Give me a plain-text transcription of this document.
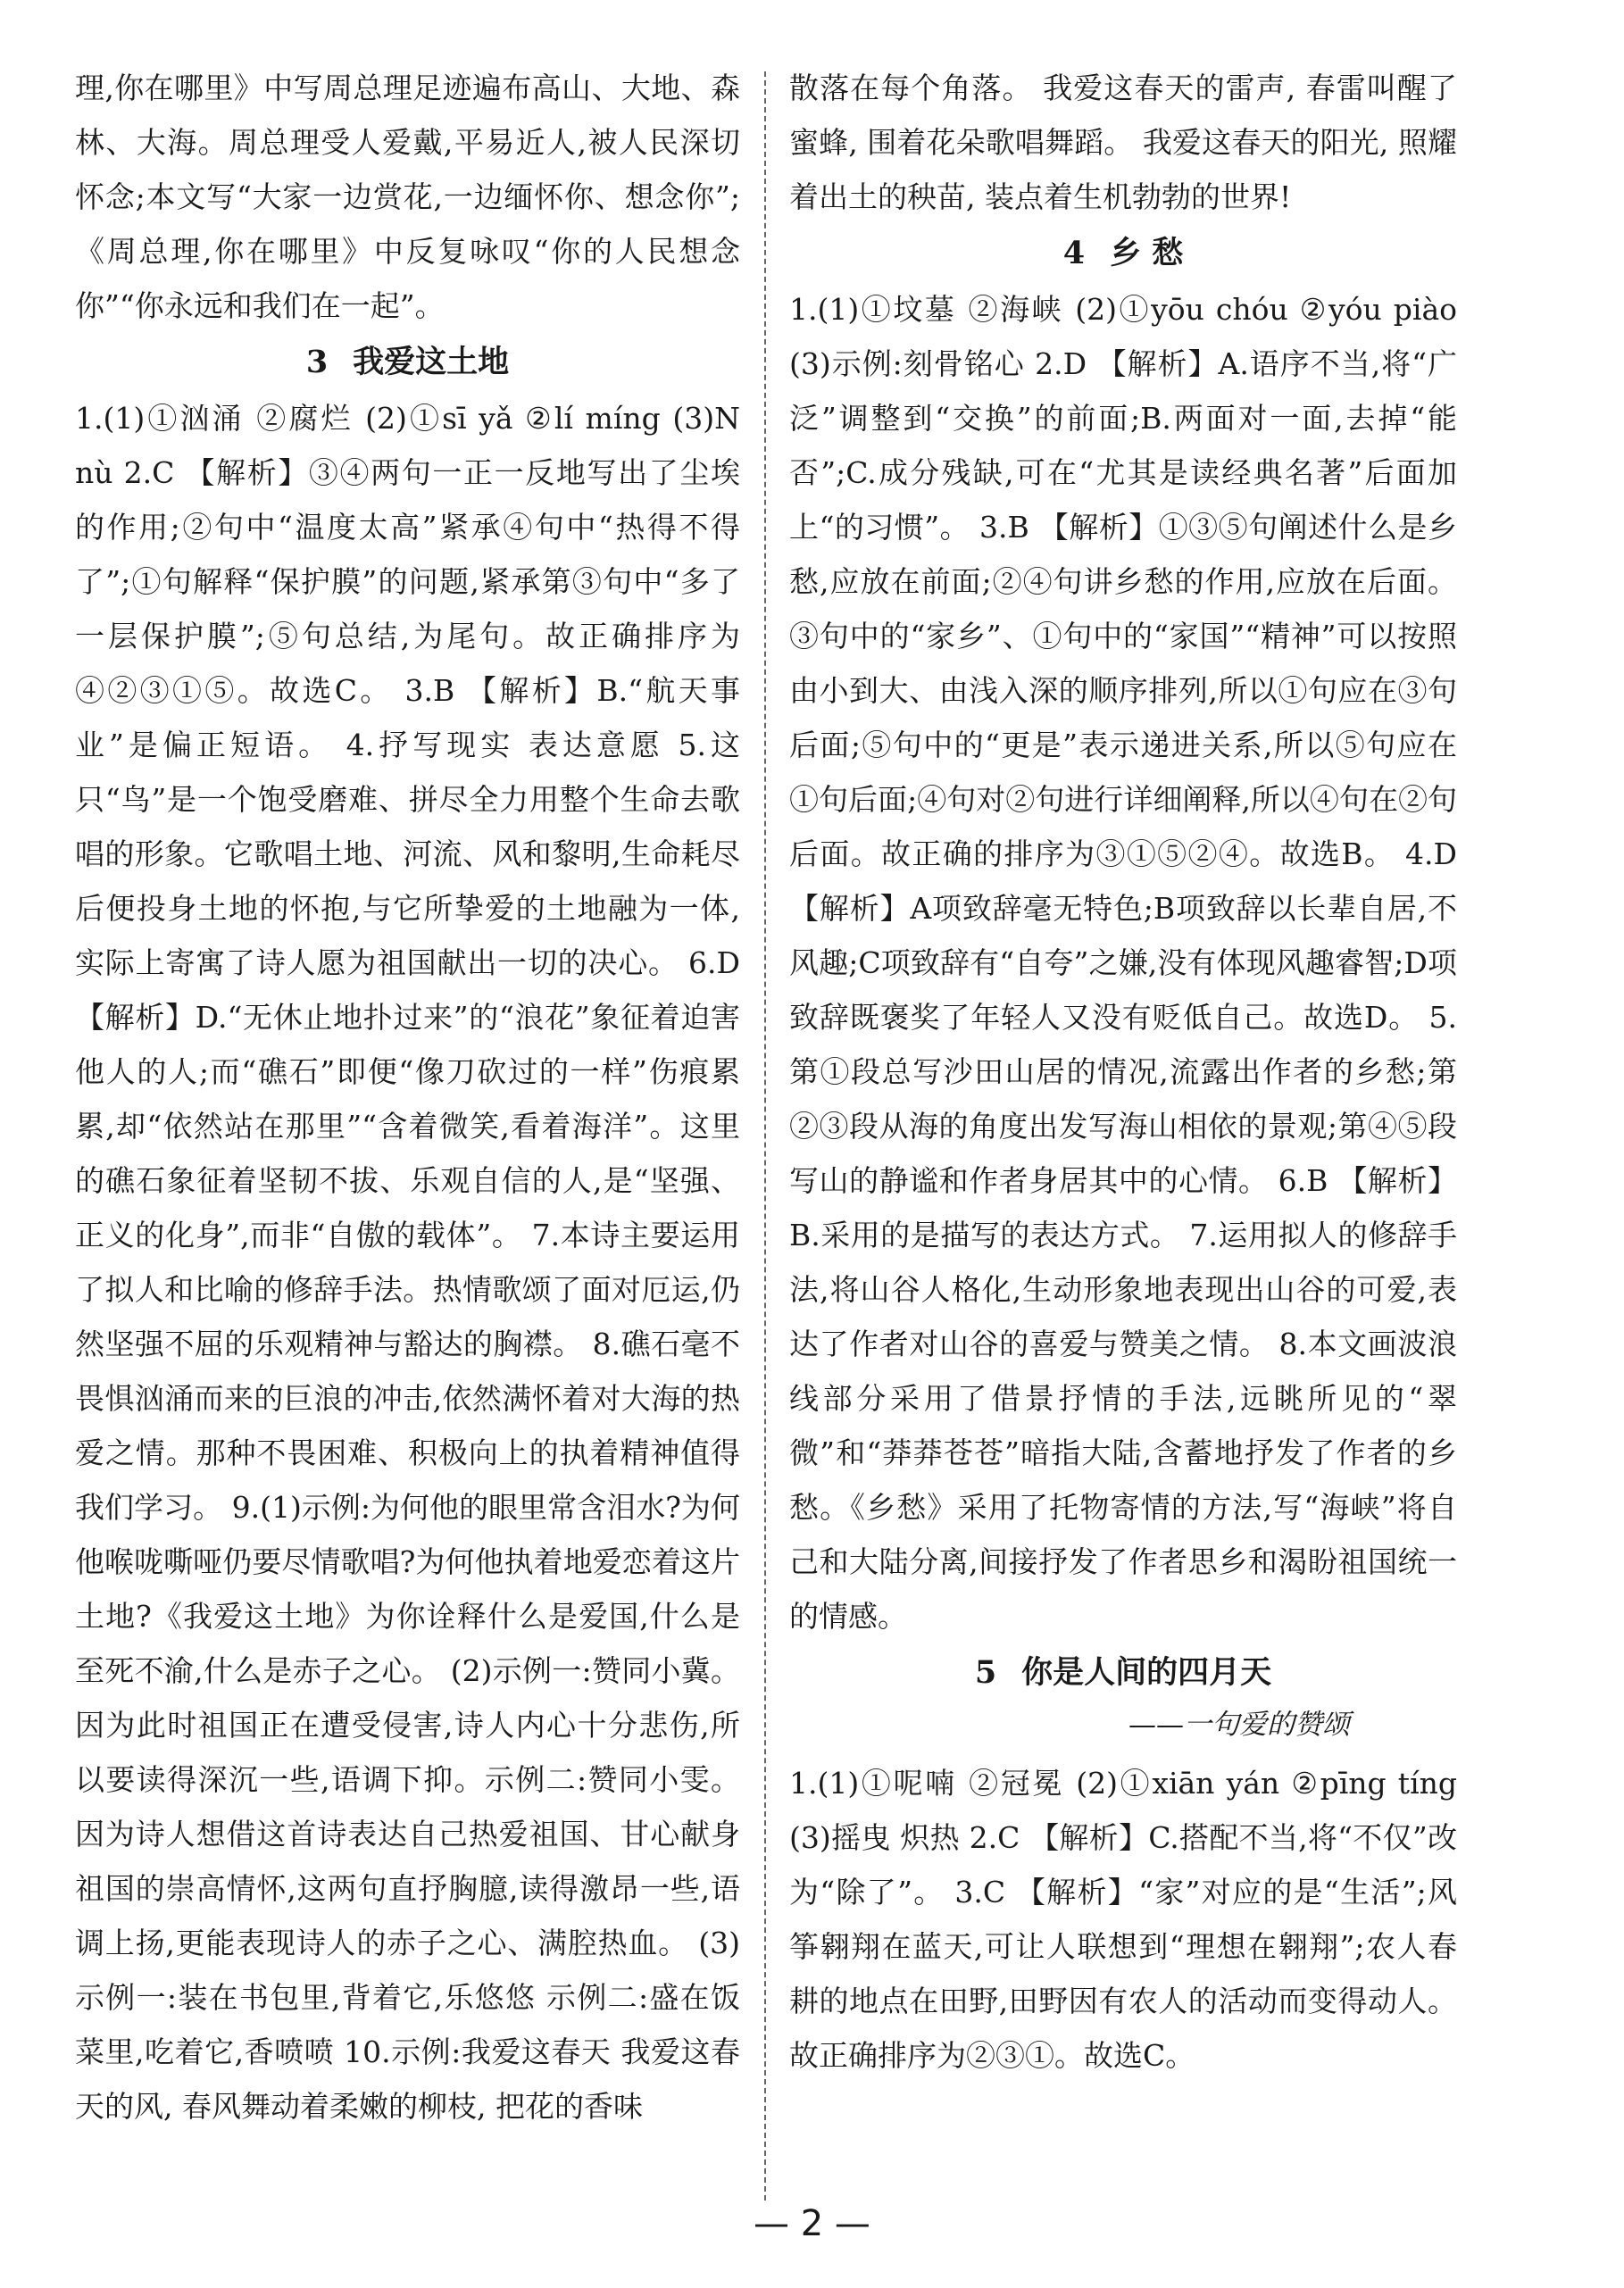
理,你在哪里》中写周总理足迹遍布高山、大地、森林、大海。周总理受人爱戴,平易近人,被人民深切怀念;本文写“大家一边赏花,一边缅怀你、想念你”;《周总理,你在哪里》中反复咏叹“你的人民想念你”“你永远和我们在一起”。

3 我爱这土地

1.(1)①汹涌 ②腐烂 (2)①sī yǎ ②lí míng (3)N nù 2.C 【解析】③④两句一正一反地写出了尘埃的作用;②句中“温度太高”紧承④句中“热得不得了”;①句解释“保护膜”的问题,紧承第③句中“多了一层保护膜”;⑤句总结,为尾句。故正确排序为④②③①⑤。故选C。 3.B 【解析】B.“航天事业”是偏正短语。 4.抒写现实 表达意愿 5.这只“鸟”是一个饱受磨难、拼尽全力用整个生命去歌唱的形象。它歌唱土地、河流、风和黎明,生命耗尽后便投身土地的怀抱,与它所挚爱的土地融为一体,实际上寄寓了诗人愿为祖国献出一切的决心。 6.D 【解析】D.“无休止地扑过来”的“浪花”象征着迫害他人的人;而“礁石”即便“像刀砍过的一样”伤痕累累,却“依然站在那里”“含着微笑,看着海洋”。这里的礁石象征着坚韧不拔、乐观自信的人,是“坚强、正义的化身”,而非“自傲的载体”。 7.本诗主要运用了拟人和比喻的修辞手法。热情歌颂了面对厄运,仍然坚强不屈的乐观精神与豁达的胸襟。 8.礁石毫不畏惧汹涌而来的巨浪的冲击,依然满怀着对大海的热爱之情。那种不畏困难、积极向上的执着精神值得我们学习。 9.(1)示例:为何他的眼里常含泪水?为何他喉咙嘶哑仍要尽情歌唱?为何他执着地爱恋着这片土地?《我爱这土地》为你诠释什么是爱国,什么是至死不渝,什么是赤子之心。 (2)示例一:赞同小冀。因为此时祖国正在遭受侵害,诗人内心十分悲伤,所以要读得深沉一些,语调下抑。示例二:赞同小雯。因为诗人想借这首诗表达自己热爱祖国、甘心献身祖国的崇高情怀,这两句直抒胸臆,读得激昂一些,语调上扬,更能表现诗人的赤子之心、满腔热血。 (3)示例一:装在书包里,背着它,乐悠悠 示例二:盛在饭菜里,吃着它,香喷喷 10.示例:我爱这春天 我爱这春天的风, 春风舞动着柔嫩的柳枝, 把花的香味

散落在每个角落。 我爱这春天的雷声, 春雷叫醒了蜜蜂, 围着花朵歌唱舞蹈。 我爱这春天的阳光, 照耀着出土的秧苗, 装点着生机勃勃的世界!

4 乡 愁

1.(1)①坟墓 ②海峡 (2)①yōu chóu ②yóu piào (3)示例:刻骨铭心 2.D 【解析】A.语序不当,将“广泛”调整到“交换”的前面;B.两面对一面,去掉“能否”;C.成分残缺,可在“尤其是读经典名著”后面加上“的习惯”。 3.B 【解析】①③⑤句阐述什么是乡愁,应放在前面;②④句讲乡愁的作用,应放在后面。③句中的“家乡”、①句中的“家国”“精神”可以按照由小到大、由浅入深的顺序排列,所以①句应在③句后面;⑤句中的“更是”表示递进关系,所以⑤句应在①句后面;④句对②句进行详细阐释,所以④句在②句后面。故正确的排序为③①⑤②④。故选B。 4.D 【解析】A项致辞毫无特色;B项致辞以长辈自居,不风趣;C项致辞有“自夸”之嫌,没有体现风趣睿智;D项致辞既褒奖了年轻人又没有贬低自己。故选D。 5.第①段总写沙田山居的情况,流露出作者的乡愁;第②③段从海的角度出发写海山相依的景观;第④⑤段写山的静谧和作者身居其中的心情。 6.B 【解析】B.采用的是描写的表达方式。 7.运用拟人的修辞手法,将山谷人格化,生动形象地表现出山谷的可爱,表达了作者对山谷的喜爱与赞美之情。 8.本文画波浪线部分采用了借景抒情的手法,远眺所见的“翠微”和“莽莽苍苍”暗指大陆,含蓄地抒发了作者的乡愁。《乡愁》采用了托物寄情的方法,写“海峡”将自己和大陆分离,间接抒发了作者思乡和渴盼祖国统一的情感。

5 你是人间的四月天
——一句爱的赞颂

1.(1)①呢喃 ②冠冕 (2)①xiān yán ②pīng tíng (3)摇曳 炽热 2.C 【解析】C.搭配不当,将“不仅”改为“除了”。 3.C 【解析】“家”对应的是“生活”;风筝翱翔在蓝天,可让人联想到“理想在翱翔”;农人春耕的地点在田野,田野因有农人的活动而变得动人。故正确排序为②③①。故选C。

— 2 —
